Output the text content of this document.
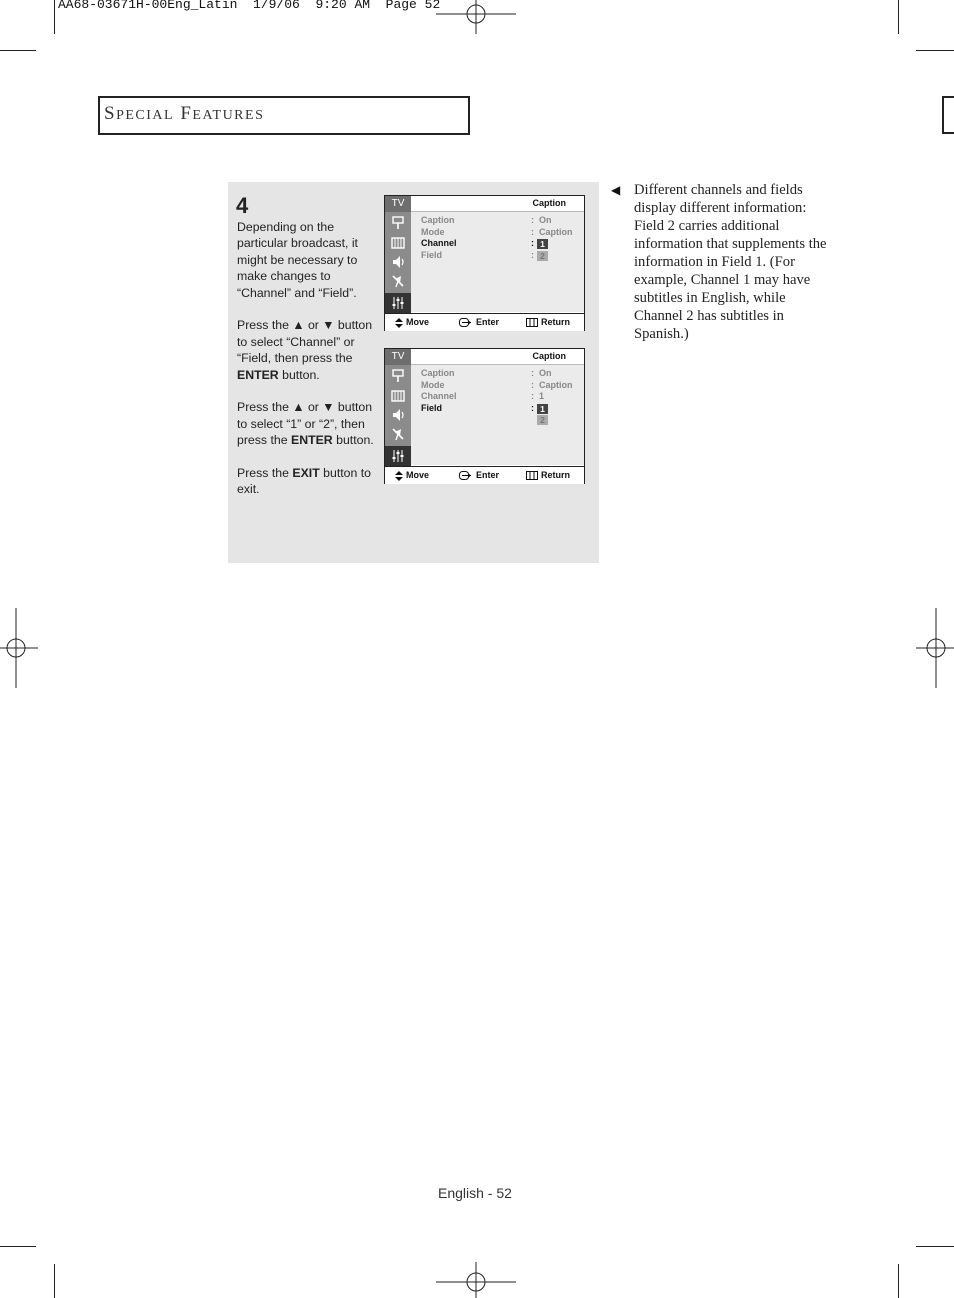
AA68-03671H-00Eng_Latin  1/9/06  9:20 AM  Page 52
SPECIAL FEATURES
4

Depending on the particular broadcast, it might be necessary to make changes to “Channel” and “Field”.

Press the ▲ or ▼ button to select “Channel” or “Field, then press the ENTER button.

Press the ▲ or ▼ button to select “1” or “2”, then press the ENTER button.

Press the EXIT button to exit.

TV	Caption
Caption	: On
Mode	: Caption
Channel	: 1
Field	: 2
Move	Enter	Return
TV	Caption
Caption	: On
Mode	: Caption
Channel	: 1
Field	: 1
2
Move	Enter	Return
◀ Different channels and fields display different information: Field 2 carries additional information that supplements the information in Field 1. (For example, Channel 1 may have subtitles in English, while Channel 2 has subtitles in Spanish.)
English - 52
